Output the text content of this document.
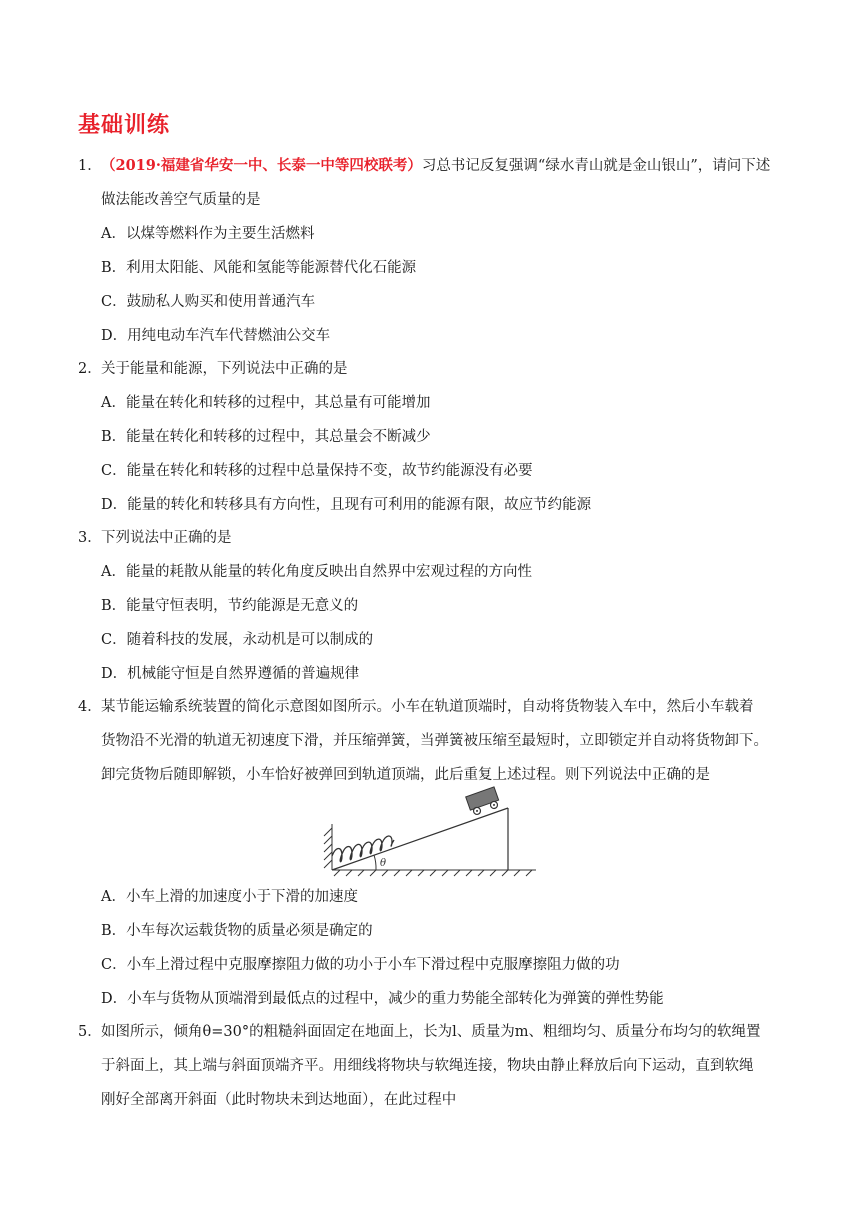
基础训练
1． （2019·福建省华安一中、长泰一中等四校联考）习总书记反复强调“绿水青山就是金山银山”，请问下述
做法能改善空气质量的是
A．以煤等燃料作为主要生活燃料
B．利用太阳能、风能和氢能等能源替代化石能源
C．鼓励私人购买和使用普通汽车
D．用纯电动车汽车代替燃油公交车
2． 关于能量和能源，下列说法中正确的是
A．能量在转化和转移的过程中，其总量有可能增加
B．能量在转化和转移的过程中，其总量会不断减少
C．能量在转化和转移的过程中总量保持不变，故节约能源没有必要
D．能量的转化和转移具有方向性，且现有可利用的能源有限，故应节约能源
3． 下列说法中正确的是
A．能量的耗散从能量的转化角度反映出自然界中宏观过程的方向性
B．能量守恒表明，节约能源是无意义的
C．随着科技的发展，永动机是可以制成的
D．机械能守恒是自然界遵循的普遍规律
4． 某节能运输系统装置的简化示意图如图所示。小车在轨道顶端时，自动将货物装入车中，然后小车载着
货物沿不光滑的轨道无初速度下滑，并压缩弹簧，当弹簧被压缩至最短时，立即锁定并自动将货物卸下。
卸完货物后随即解锁，小车恰好被弹回到轨道顶端，此后重复上述过程。则下列说法中正确的是
θ
A．小车上滑的加速度小于下滑的加速度
B．小车每次运载货物的质量必须是确定的
C．小车上滑过程中克服摩擦阻力做的功小于小车下滑过程中克服摩擦阻力做的功
D．小车与货物从顶端滑到最低点的过程中，减少的重力势能全部转化为弹簧的弹性势能
5． 如图所示，倾角θ=30°的粗糙斜面固定在地面上，长为l、质量为m、粗细均匀、质量分布均匀的软绳置
于斜面上，其上端与斜面顶端齐平。用细线将物块与软绳连接，物块由静止释放后向下运动，直到软绳
刚好全部离开斜面（此时物块未到达地面），在此过程中
